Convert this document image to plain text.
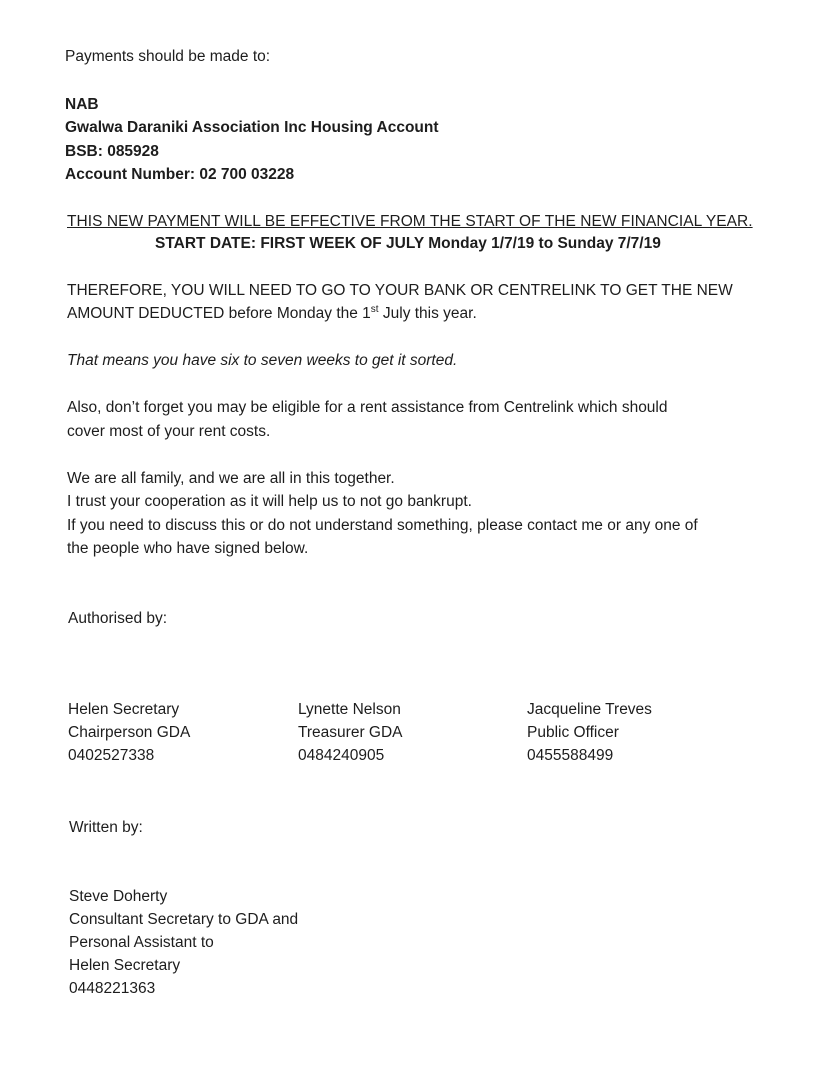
Payments should be made to:
NAB
Gwalwa Daraniki Association Inc Housing Account
BSB: 085928
Account Number: 02 700 03228
THIS NEW PAYMENT WILL BE EFFECTIVE FROM THE START OF THE NEW FINANCIAL YEAR.
START DATE: FIRST WEEK OF JULY Monday 1/7/19 to Sunday 7/7/19
THEREFORE, YOU WILL NEED TO GO TO YOUR BANK OR CENTRELINK TO GET THE NEW
AMOUNT DEDUCTED before Monday the 1st July this year.
That means you have six to seven weeks to get it sorted.
Also, don’t forget you may be eligible for a rent assistance from Centrelink which should
cover most of your rent costs.
We are all family, and we are all in this together.
I trust your cooperation as it will help us to not go bankrupt.
If you need to discuss this or do not understand something, please contact me or any one of
the people who have signed below.
Authorised by:
Helen Secretary
Chairperson GDA
0402527338
Lynette Nelson
Treasurer GDA
0484240905
Jacqueline Treves
Public Officer
0455588499
Written by:
Steve Doherty
Consultant Secretary to GDA and
Personal Assistant to
Helen Secretary
0448221363
